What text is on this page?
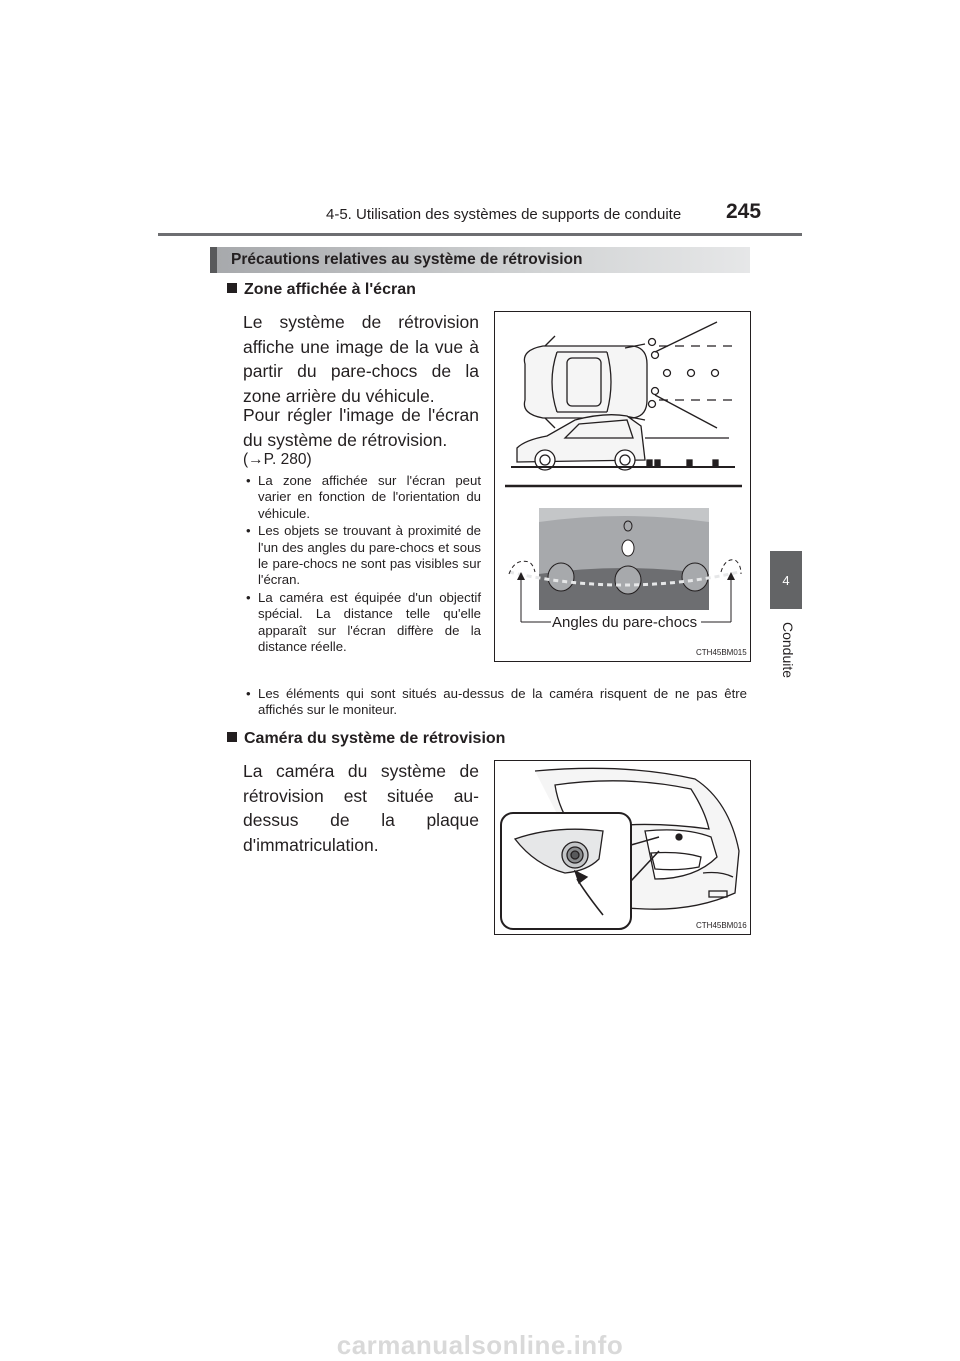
4-5. Utilisation des systèmes de supports de conduite 245
4
Conduite
Précautions relatives au système de rétrovision
Zone affichée à l'écran
Le système de rétrovision affiche une image de la vue à partir du pare-chocs de la zone arrière du véhicule.
Pour régler l'image de l'écran du système de rétrovision.
(→P. 280)
• La zone affichée sur l'écran peut varier en fonction de l'orientation du véhicule.
• Les objets se trouvant à proximité de l'un des angles du pare-chocs et sous le pare-chocs ne sont pas visibles sur l'écran.
• La caméra est équipée d'un objectif spécial. La distance telle qu'elle apparaît sur l'écran diffère de la distance réelle.
• Les éléments qui sont situés au-dessus de la caméra risquent de ne pas être affichés sur le moniteur.
Angles du pare-chocs
CTH45BM015
Caméra du système de rétrovision
La caméra du système de rétrovision est située au-dessus de la plaque d'immatriculation.
CTH45BM016
carmanualsonline.info
